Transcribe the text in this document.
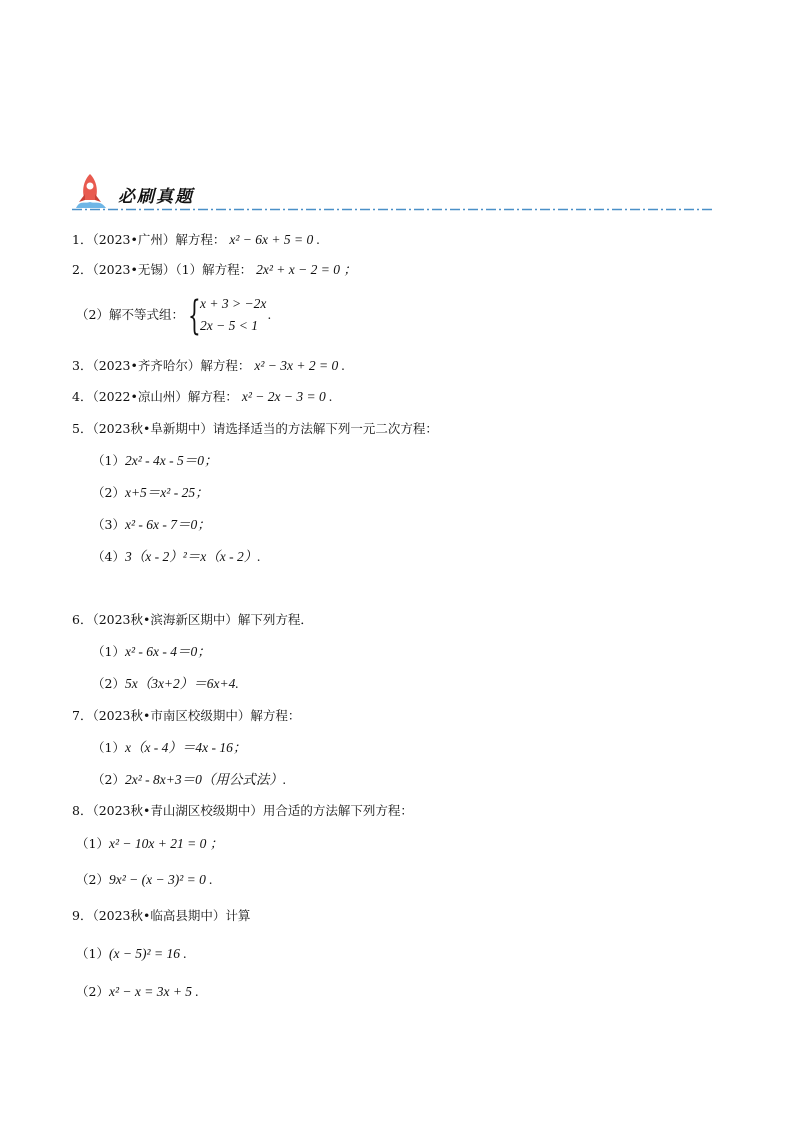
必刷真题
1．（2023•广州）解方程： x² − 6x + 5 = 0 .
2．（2023•无锡）（1）解方程： 2x² + x − 2 = 0 ；
（2）解不等式组： { x + 3 > −2x
2x − 5 < 1
.
3．（2023•齐齐哈尔）解方程： x² − 3x + 2 = 0 .
4．（2022•凉山州）解方程： x² − 2x − 3 = 0 .
5．（2023秋•阜新期中）请选择适当的方法解下列一元二次方程：
（1）2x² - 4x - 5＝0；
（2）x+5＝x² - 25；
（3）x² - 6x - 7＝0；
（4）3（x - 2）²＝x（x - 2）.
6．（2023秋•滨海新区期中）解下列方程．
（1）x² - 6x - 4＝0；
（2）5x（3x+2）＝6x+4.
7．（2023秋•市南区校级期中）解方程：
（1）x（x - 4）＝4x - 16；
（2）2x² - 8x+3＝0（用公式法）.
8．（2023秋•青山湖区校级期中）用合适的方法解下列方程：
（1）x² − 10x + 21 = 0 ；
（2）9x² − (x − 3)² = 0 .
9．（2023秋•临高县期中）计算
（1）(x − 5)² = 16 .
（2）x² − x = 3x + 5 .
